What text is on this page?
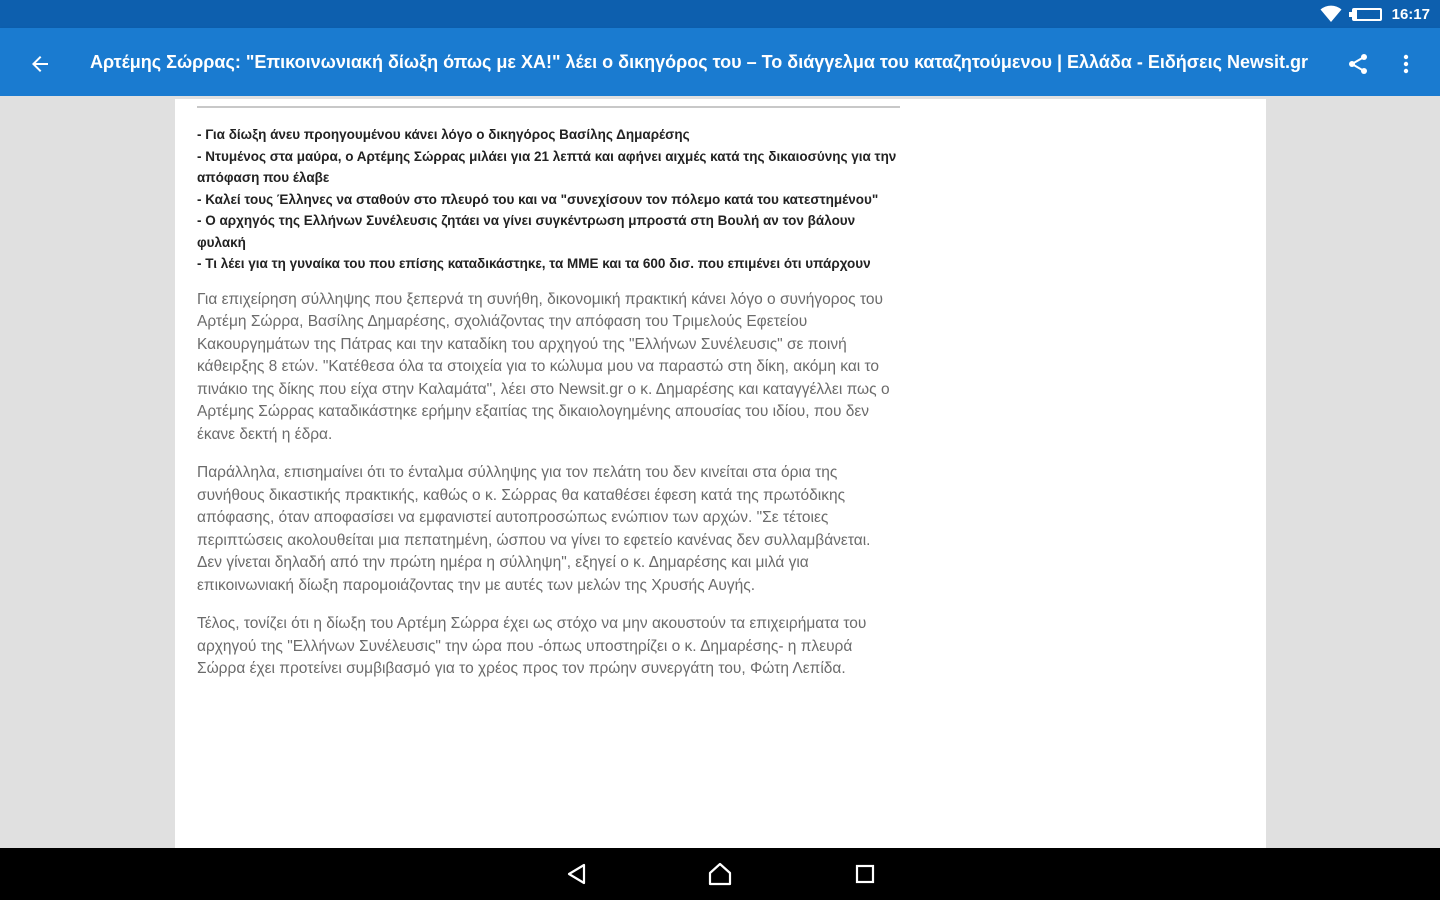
14%	16:17
Αρτέμης Σώρρας: "Επικοινωνιακή δίωξη όπως με ΧΑ!" λέει ο δικηγόρος του – Το διάγγελμα του καταζητούμενου | Ελλάδα - Ειδήσεις Newsit.gr

- Για δίωξη άνευ προηγουμένου κάνει λόγο ο δικηγόρος Βασίλης Δημαρέσης

- Ντυμένος στα μαύρα, ο Αρτέμης Σώρρας μιλάει για 21 λεπτά και αφήνει αιχμές κατά της δικαιοσύνης για την απόφαση που έλαβε

- Καλεί τους Έλληνες να σταθούν στο πλευρό του και να "συνεχίσουν τον πόλεμο κατά του κατεστημένου"

- Ο αρχηγός της Ελλήνων Συνέλευσις ζητάει να γίνει συγκέντρωση μπροστά στη Βουλή αν τον βάλουν φυλακή

- Τι λέει για τη γυναίκα του που επίσης καταδικάστηκε, τα ΜΜΕ και τα 600 δισ. που επιμένει ότι υπάρχουν

Για επιχείρηση σύλληψης που ξεπερνά τη συνήθη, δικονομική πρακτική κάνει λόγο ο συνήγορος του Αρτέμη Σώρρα, Βασίλης Δημαρέσης, σχολιάζοντας την απόφαση του Τριμελούς Εφετείου Κακουργημάτων της Πάτρας και την καταδίκη του αρχηγού της "Ελλήνων Συνέλευσις" σε ποινή κάθειρξης 8 ετών. "Κατέθεσα όλα τα στοιχεία για το κώλυμα μου να παραστώ στη δίκη, ακόμη και το πινάκιο της δίκης που είχα στην Καλαμάτα", λέει στο Newsit.gr ο κ. Δημαρέσης και καταγγέλλει πως ο Αρτέμης Σώρρας καταδικάστηκε ερήμην εξαιτίας της δικαιολογημένης απουσίας του ιδίου, που δεν έκανε δεκτή η έδρα.

Παράλληλα, επισημαίνει ότι το ένταλμα σύλληψης για τον πελάτη του δεν κινείται στα όρια της συνήθους δικαστικής πρακτικής, καθώς ο κ. Σώρρας θα καταθέσει έφεση κατά της πρωτόδικης απόφασης, όταν αποφασίσει να εμφανιστεί αυτοπροσώπως ενώπιον των αρχών. "Σε τέτοιες περιπτώσεις ακολουθείται μια πεπατημένη, ώσπου να γίνει το εφετείο κανένας δεν συλλαμβάνεται. Δεν γίνεται δηλαδή από την πρώτη ημέρα η σύλληψη", εξηγεί ο κ. Δημαρέσης και μιλά για επικοινωνιακή δίωξη παρομοιάζοντας την με αυτές των μελών της Χρυσής Αυγής.

Τέλος, τονίζει ότι η δίωξη του Αρτέμη Σώρρα έχει ως στόχο να μην ακουστούν τα επιχειρήματα του αρχηγού της "Ελλήνων Συνέλευσις" την ώρα που -όπως υποστηρίζει ο κ. Δημαρέσης- η πλευρά Σώρρα έχει προτείνει συμβιβασμό για το χρέος προς τον πρώην συνεργάτη του, Φώτη Λεπίδα.
